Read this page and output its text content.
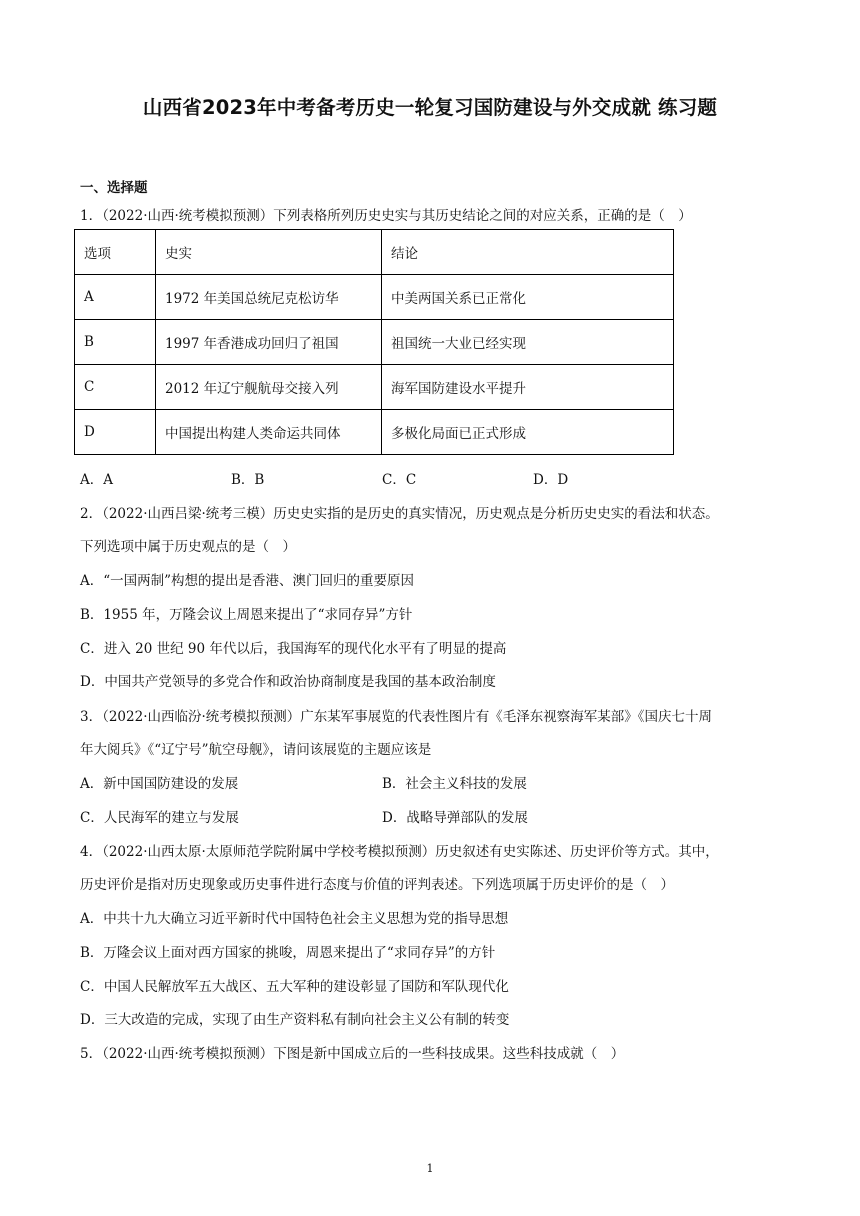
山西省2023年中考备考历史一轮复习国防建设与外交成就 练习题
一、选择题
1．（2022·山西·统考模拟预测）下列表格所列历史史实与其历史结论之间的对应关系，正确的是（　）
选项	史实	结论
A	1972 年美国总统尼克松访华	中美两国关系已正常化
B	1997 年香港成功回归了祖国	祖国统一大业已经实现
C	2012 年辽宁舰航母交接入列	海军国防建设水平提升
D	中国提出构建人类命运共同体	多极化局面已正式形成
A．A	B．B	C．C	D．D
2．（2022·山西吕梁·统考三模）历史史实指的是历史的真实情况，历史观点是分析历史史实的看法和状态。
下列选项中属于历史观点的是（　）
A．“一国两制”构想的提出是香港、澳门回归的重要原因
B．1955 年，万隆会议上周恩来提出了“求同存异”方针
C．进入 20 世纪 90 年代以后，我国海军的现代化水平有了明显的提高
D．中国共产党领导的多党合作和政治协商制度是我国的基本政治制度
3．（2022·山西临汾·统考模拟预测）广东某军事展览的代表性图片有《毛泽东视察海军某部》《国庆七十周
年大阅兵》《“辽宁号”航空母舰》，请问该展览的主题应该是
A．新中国国防建设的发展	B．社会主义科技的发展
C．人民海军的建立与发展	D．战略导弹部队的发展
4．（2022·山西太原·太原师范学院附属中学校考模拟预测）历史叙述有史实陈述、历史评价等方式。其中，
历史评价是指对历史现象或历史事件进行态度与价值的评判表述。下列选项属于历史评价的是（　）
A．中共十九大确立习近平新时代中国特色社会主义思想为党的指导思想
B．万隆会议上面对西方国家的挑唆，周恩来提出了“求同存异”的方针
C．中国人民解放军五大战区、五大军种的建设彰显了国防和军队现代化
D．三大改造的完成，实现了由生产资料私有制向社会主义公有制的转变
5．（2022·山西·统考模拟预测）下图是新中国成立后的一些科技成果。这些科技成就（　）
1
